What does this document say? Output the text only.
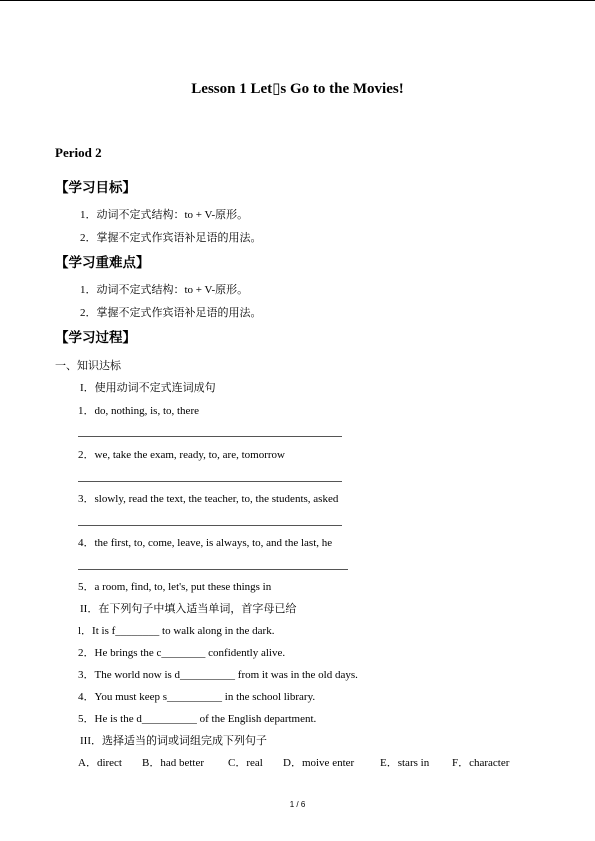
Lesson 1 Let▯s Go to the Movies!
Period 2
【学习目标】
1．动词不定式结构：to + V-原形。
2．掌握不定式作宾语补足语的用法。
【学习重难点】
1．动词不定式结构：to + V-原形。
2．掌握不定式作宾语补足语的用法。
【学习过程】
一、知识达标
I．使用动词不定式连词成句
1．do, nothing, is, to, there
2．we, take the exam, ready, to, are, tomorrow
3．slowly, read the text, the teacher, to, the students, asked
4．the first, to, come, leave, is always, to, and the last, he
5．a room, find, to, let's, put these things in
II．在下列句子中填入适当单词，首字母已给
l．It is f________ to walk along in the dark.
2．He brings the c________ confidently alive.
3．The world now is d__________ from it was in the old days.
4．You must keep s__________ in the school library.
5．He is the d__________ of the English department.
III．选择适当的词或词组完成下列句子
A．direct B．had better C．real D．moive enter E．stars in F．character
1 / 6
